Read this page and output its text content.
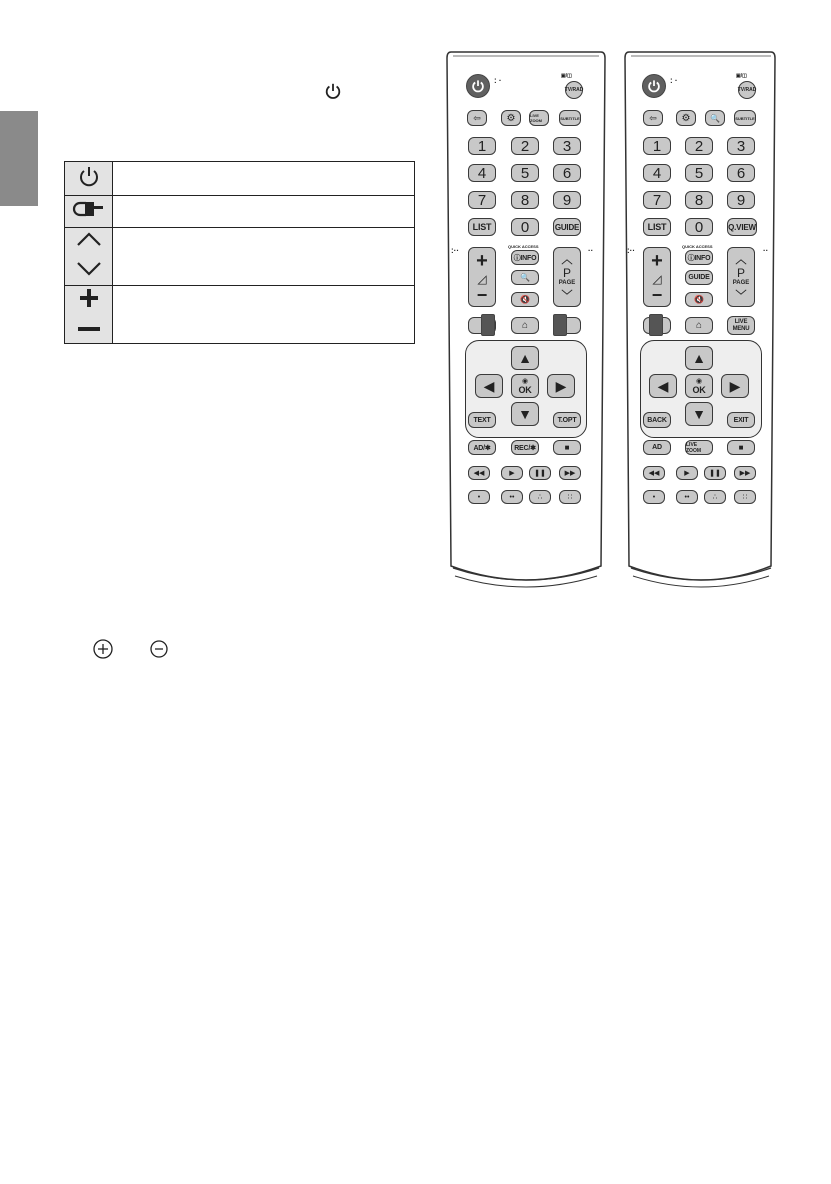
: ·	▣/◫
TV/RAD
⇦	⚙	LIVE ZOOM	SUBTITLE
1 2 3
4 5 6
7 8 9
LIST 0	GUIDE
:·· +
◿
−
QUICK ACCESS
ⓘINFO
🔍
🔇
︿
P
PAGE
﹀
··
⌂
▲
◀	◉
OK ▶
▼
TEXT	T.OPT
AD/✱	REC/✱	■
◀◀	▶	❚❚	▶▶
•	••	∴	∷
: ·	▣/◫
TV/RAD
⇦ ⚙ 🔍	SUBTITLE
1 2 3
4 5 6
7 8 9
LIST 0	Q.VIEW
:·· +
◿
−
QUICK ACCESS
ⓘINFO
GUIDE
🔇
︿
P
PAGE
﹀
··
⌂	LIVE
MENU
▲
◀	◉
OK ▶
▼
BACK	EXIT
AD	LIVE ZOOM	■
◀◀	▶	❚❚	▶▶
•	••	∴	∷
